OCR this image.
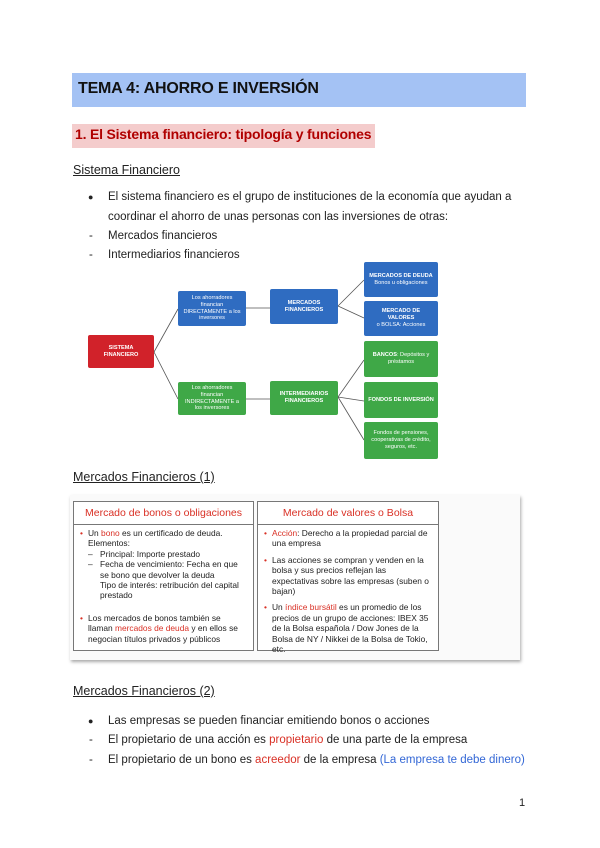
TEMA 4: AHORRO E INVERSIÓN
1. El Sistema financiero: tipología y funciones
Sistema Financiero
● El sistema financiero es el grupo de instituciones de la economía que ayudan a
coordinar el ahorro de unas personas con las inversiones de otras:
- Mercados financieros
- Intermediarios financieros
SISTEMA FINANCIERO
Los ahorradores financian DIRECTAMENTE a los inversores
Los ahorradores financian INDIRECTAMENTE a los inversores
MERCADOS FINANCIEROS
INTERMEDIARIOS FINANCIEROS
MERCADOS DE DEUDA
Bonos u obligaciones
MERCADO DE VALORES
o BOLSA: Acciones
BANCOS: Depósitos y préstamos
FONDOS DE INVERSIÓN
Fondos de pensiones, cooperativas de crédito, seguros, etc.
Mercados Financieros (1)
Mercado de bonos o obligaciones
• Un bono es un certificado de deuda. Elementos:
– Principal: Importe prestado
– Fecha de vencimiento: Fecha en que se bono que devolver la deuda
Tipo de interés: retribución del capital prestado
• Los mercados de bonos también se llaman mercados de deuda y en ellos se negocian títulos privados y públicos
Mercado de valores o Bolsa
• Acción: Derecho a la propiedad parcial de una empresa
• Las acciones se compran y venden en la bolsa y sus precios reflejan las expectativas sobre las empresas (suben o bajan)
• Un índice bursátil es un promedio de los precios de un grupo de acciones: IBEX 35 de la Bolsa española / Dow Jones de la Bolsa de NY / Nikkei de la Bolsa de Tokio, etc.
Mercados Financieros (2)
● Las empresas se pueden financiar emitiendo bonos o acciones
- El propietario de una acción es propietario de una parte de la empresa
- El propietario de un bono es acreedor de la empresa (La empresa te debe dinero)
1
